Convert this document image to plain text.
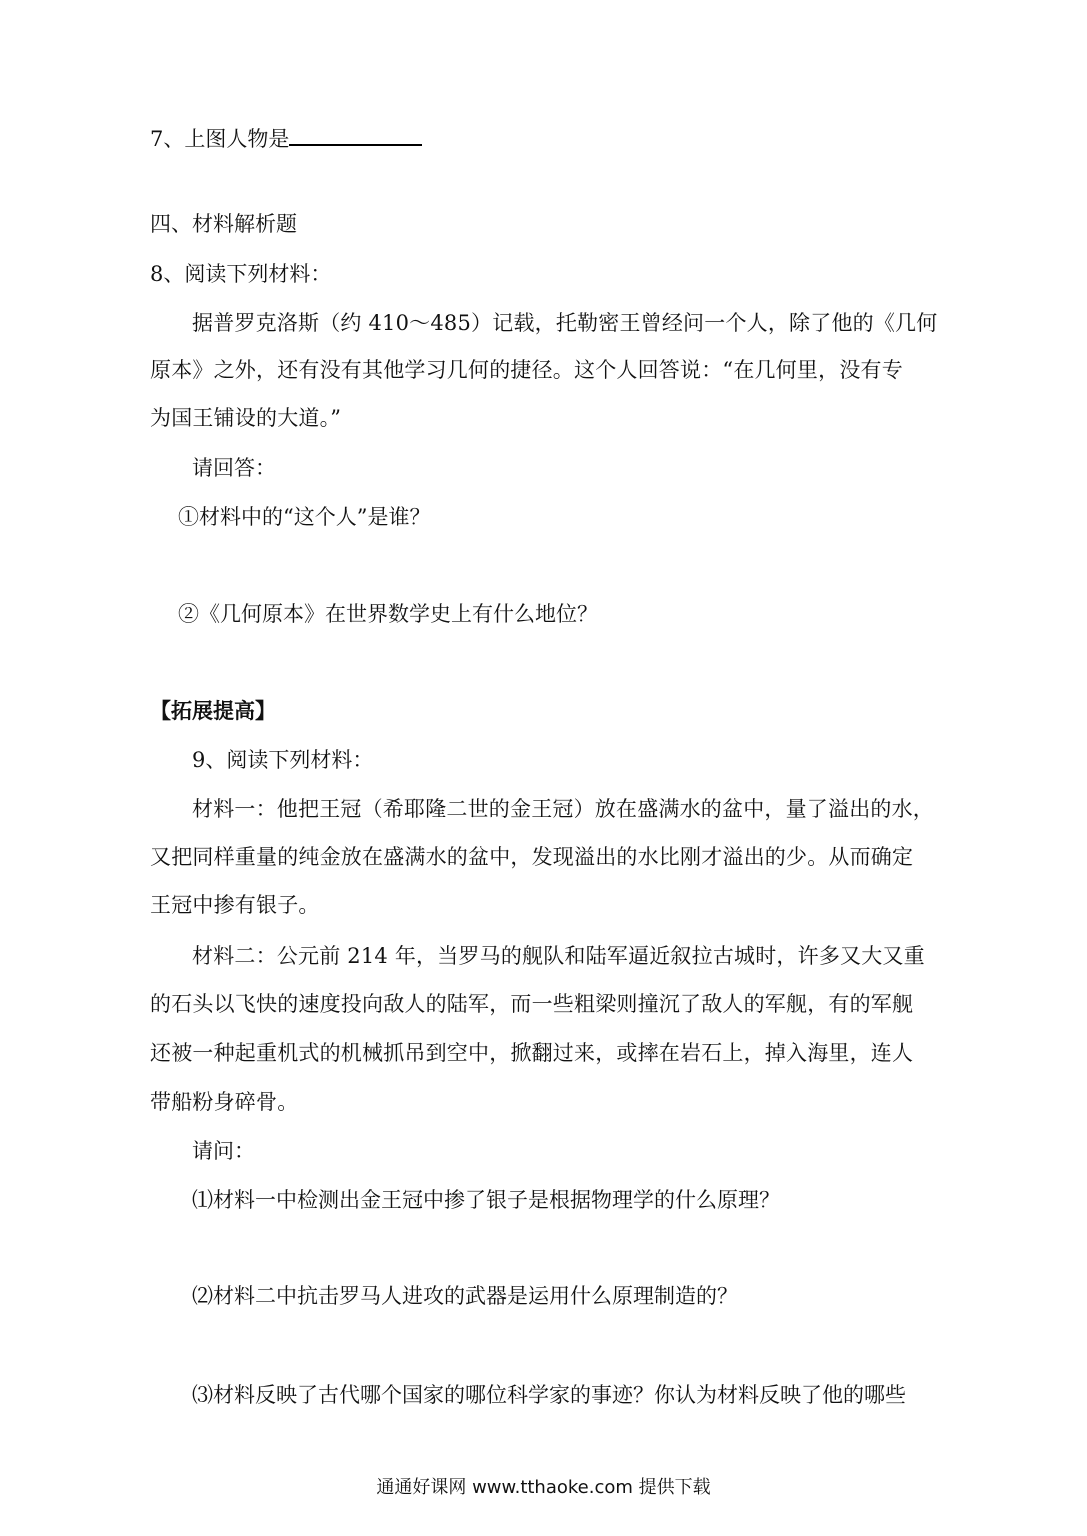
7、上图人物是
四、材料解析题
8、阅读下列材料：
据普罗克洛斯（约 410～485）记载，托勒密王曾经问一个人，除了他的《几何
原本》之外，还有没有其他学习几何的捷径。这个人回答说：“在几何里，没有专
为国王铺设的大道。”
请回答：
①材料中的“这个人”是谁？
②《几何原本》在世界数学史上有什么地位？
【拓展提高】
9、阅读下列材料：
材料一：他把王冠（希耶隆二世的金王冠）放在盛满水的盆中，量了溢出的水，
又把同样重量的纯金放在盛满水的盆中，发现溢出的水比刚才溢出的少。从而确定
王冠中掺有银子。
材料二：公元前 214 年，当罗马的舰队和陆军逼近叙拉古城时，许多又大又重
的石头以飞快的速度投向敌人的陆军，而一些粗梁则撞沉了敌人的军舰，有的军舰
还被一种起重机式的机械抓吊到空中，掀翻过来，或摔在岩石上，掉入海里，连人
带船粉身碎骨。
请问：
⑴材料一中检测出金王冠中掺了银子是根据物理学的什么原理？
⑵材料二中抗击罗马人进攻的武器是运用什么原理制造的？
⑶材料反映了古代哪个国家的哪位科学家的事迹？你认为材料反映了他的哪些
通通好课网 www.tthaoke.com 提供下载
